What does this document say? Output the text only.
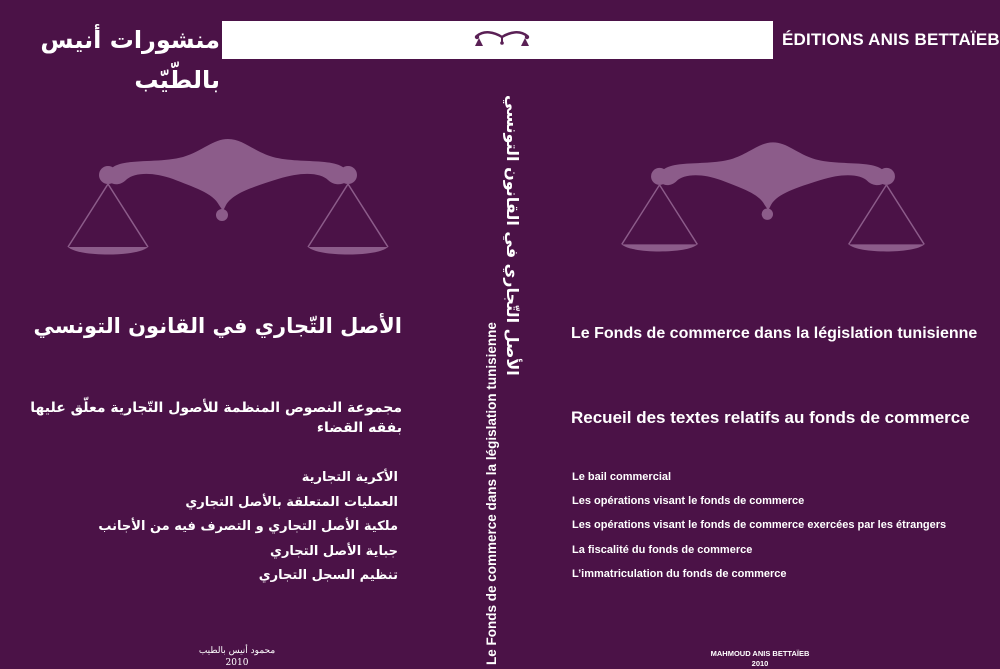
منشورات أنيس بالطّيّب
ÉDITIONS ANIS BETTAÏEB
الأصل التّجاري في القانون التونسي
مجموعة النصوص المنظمة للأصول التّجارية معلّق عليها بفقه القضاء
الأكرية التجارية
العمليات المتعلقة بالأصل التجاري
ملكية الأصل التجاري و التصرف فيه من الأجانب
جباية الأصل التجاري
تنظيم السجل التجاري
محمود أنيس بالطيب
2010
الأصل التّجاري في القانون التونسي
Le Fonds de commerce dans la législation tunisienne	Le Fonds de commerce dans la législation tunisienne
Recueil des textes relatifs au fonds de commerce
Le bail commercial
Les opérations visant le fonds de commerce
Les opérations visant le fonds de commerce exercées par les étrangers
La fiscalité du fonds de commerce
L’immatriculation du fonds de commerce
MAHMOUD ANIS BETTAÏEB
2010
